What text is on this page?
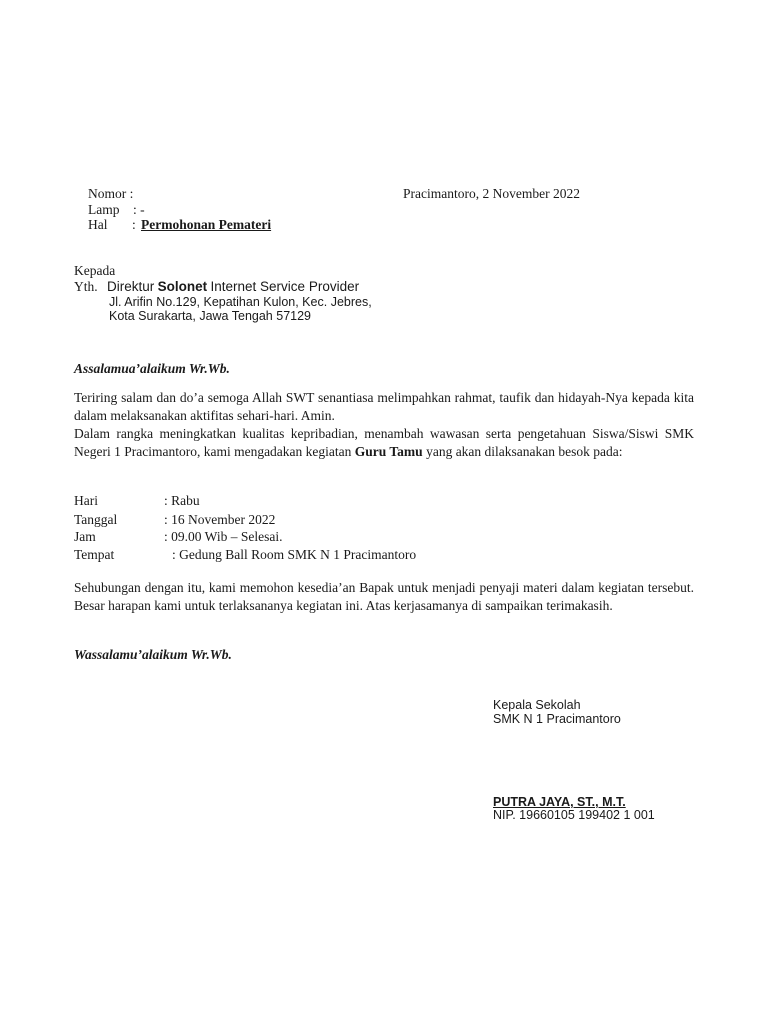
Nomor :
Lamp : -
Hal : Permohonan Pemateri
Pracimantoro, 2 November 2022
Kepada
Yth. Direktur Solonet Internet Service Provider
Jl. Arifin No.129, Kepatihan Kulon, Kec. Jebres,
Kota Surakarta, Jawa Tengah 57129
Assalamua’alaikum Wr.Wb.
Teriring salam dan do’a semoga Allah SWT senantiasa melimpahkan rahmat, taufik dan hidayah-Nya kepada kita dalam melaksanakan aktifitas sehari-hari. Amin.
Dalam rangka meningkatkan kualitas kepribadian, menambah wawasan serta pengetahuan Siswa/Siswi SMK Negeri 1 Pracimantoro, kami mengadakan kegiatan Guru Tamu yang akan dilaksanakan besok pada:
Hari	: Rabu
Tanggal	: 16 November 2022
Jam	: 09.00 Wib – Selesai.
Tempat	: Gedung Ball Room SMK N 1 Pracimantoro
Sehubungan dengan itu, kami memohon kesedia’an Bapak untuk menjadi penyaji materi dalam kegiatan tersebut. Besar harapan kami untuk terlaksananya kegiatan ini. Atas kerjasamanya di sampaikan terimakasih.
Wassalamu’alaikum Wr.Wb.
Kepala Sekolah
SMK N 1 Pracimantoro
PUTRA JAYA, ST., M.T.
NIP. 19660105 199402 1 001
